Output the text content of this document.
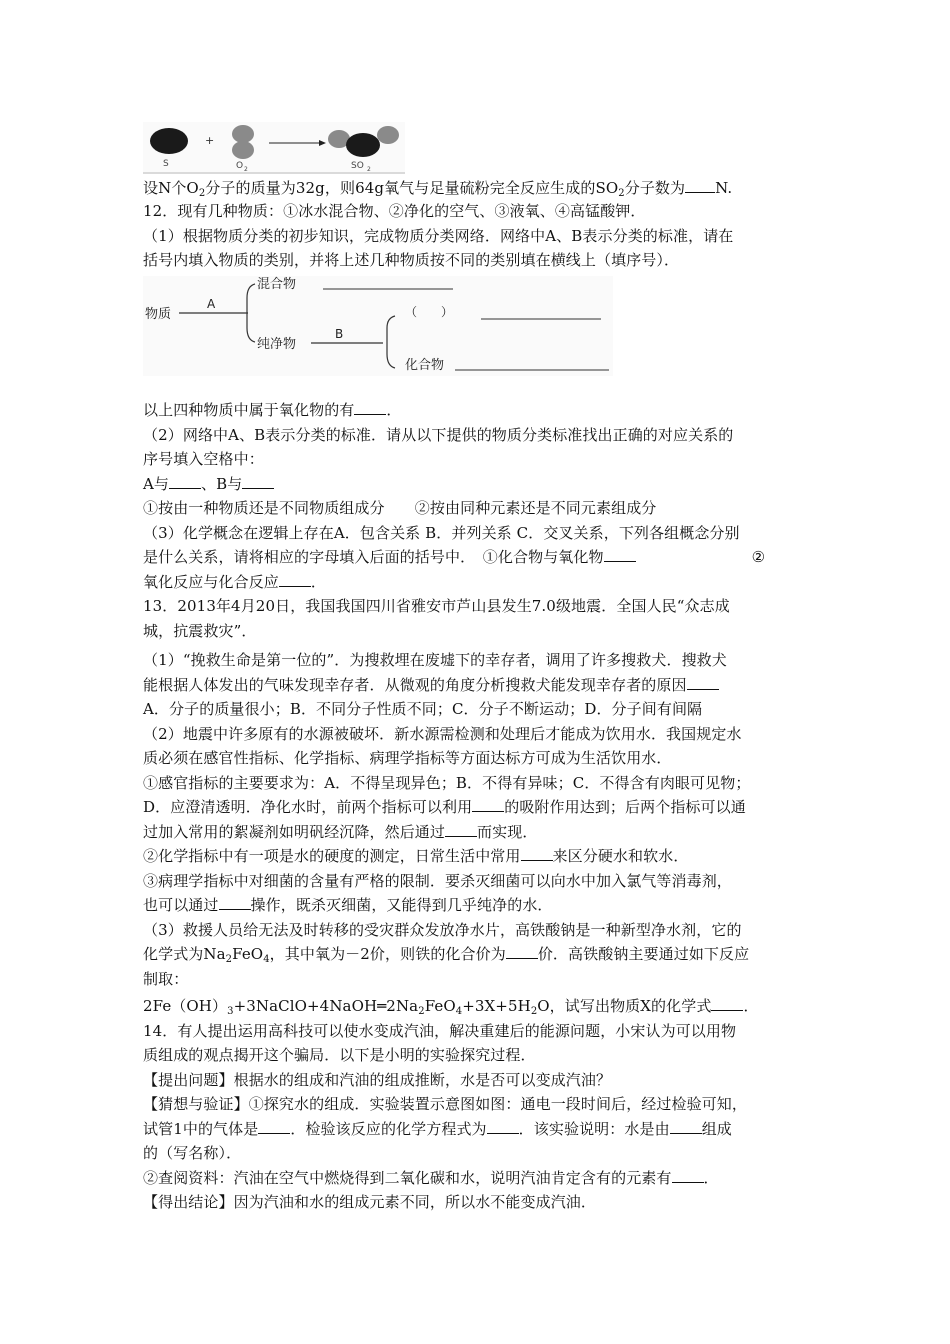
S
+
O 2	SO 2
设N个$O_2$分子的质量为32g，则64g氧气与足量硫粉完全反应生成的$SO_2$分子数为 N.
12．现有几种物质：①冰水混合物、②净化的空气、③液氧、④高锰酸钾．
（1）根据物质分类的初步知识，完成物质分类网络．网络中A、B表示分类的标准，请在
括号内填入物质的类别，并将上述几种物质按不同的类别填在横线上（填序号）．
物质
A
混合物
纯净物
B
（　　）
化合物
以上四种物质中属于氧化物的有 ．
（2）网络中A、B表示分类的标准．请从以下提供的物质分类标准找出正确的对应关系的
序号填入空格中：
A与 、B与
①按由一种物质还是不同物质组成分　　②按由同种元素还是不同元素组成分
（3）化学概念在逻辑上存在A．包含关系 B．并列关系 C．交叉关系，下列各组概念分别
是什么关系，请将相应的字母填入后面的括号中．　①化合物与氧化物	②
氧化反应与化合反应 ．
13．2013年4月20日，我国我国四川省雅安市芦山县发生7.0级地震．全国人民“众志成
城，抗震救灾”．
（1）“挽救生命是第一位的”．为搜救埋在废墟下的幸存者，调用了许多搜救犬．搜救犬
能根据人体发出的气味发现幸存者．从微观的角度分析搜救犬能发现幸存者的原因
A．分子的质量很小；B．不同分子性质不同；C．分子不断运动；D．分子间有间隔
（2）地震中许多原有的水源被破坏．新水源需检测和处理后才能成为饮用水．我国规定水
质必须在感官性指标、化学指标、病理学指标等方面达标方可成为生活饮用水．
①感官指标的主要要求为：A．不得呈现异色；B．不得有异味；C．不得含有肉眼可见物；
D．应澄清透明．净化水时，前两个指标可以利用 的吸附作用达到；后两个指标可以通
过加入常用的絮凝剂如明矾经沉降，然后通过 而实现．
②化学指标中有一项是水的硬度的测定，日常生活中常用 来区分硬水和软水．
③病理学指标中对细菌的含量有严格的限制．要杀灭细菌可以向水中加入氯气等消毒剂，
也可以通过 操作，既杀灭细菌，又能得到几乎纯净的水．
（3）救援人员给无法及时转移的受灾群众发放净水片，高铁酸钠是一种新型净水剂，它的
化学式为$Na_2FeO_4$，其中氧为－2价，则铁的化合价为 价．高铁酸钠主要通过如下反应
制取：
$2Fe(OH)_3+3NaClO+4NaOH═2Na_2FeO_4+3X+5H_2O$，试写出物质X的化学式 ．
14．有人提出运用高科技可以使水变成汽油，解决重建后的能源问题，小宋认为可以用物
质组成的观点揭开这个骗局．以下是小明的实验探究过程．
【提出问题】根据水的组成和汽油的组成推断，水是否可以变成汽油？
【猜想与验证】①探究水的组成．实验装置示意图如图：通电一段时间后，经过检验可知，
试管1中的气体是 ．检验该反应的化学方程式为 ．该实验说明：水是由 组成
的（写名称）．
②查阅资料：汽油在空气中燃烧得到二氧化碳和水，说明汽油肯定含有的元素有 ．
【得出结论】因为汽油和水的组成元素不同，所以水不能变成汽油．
